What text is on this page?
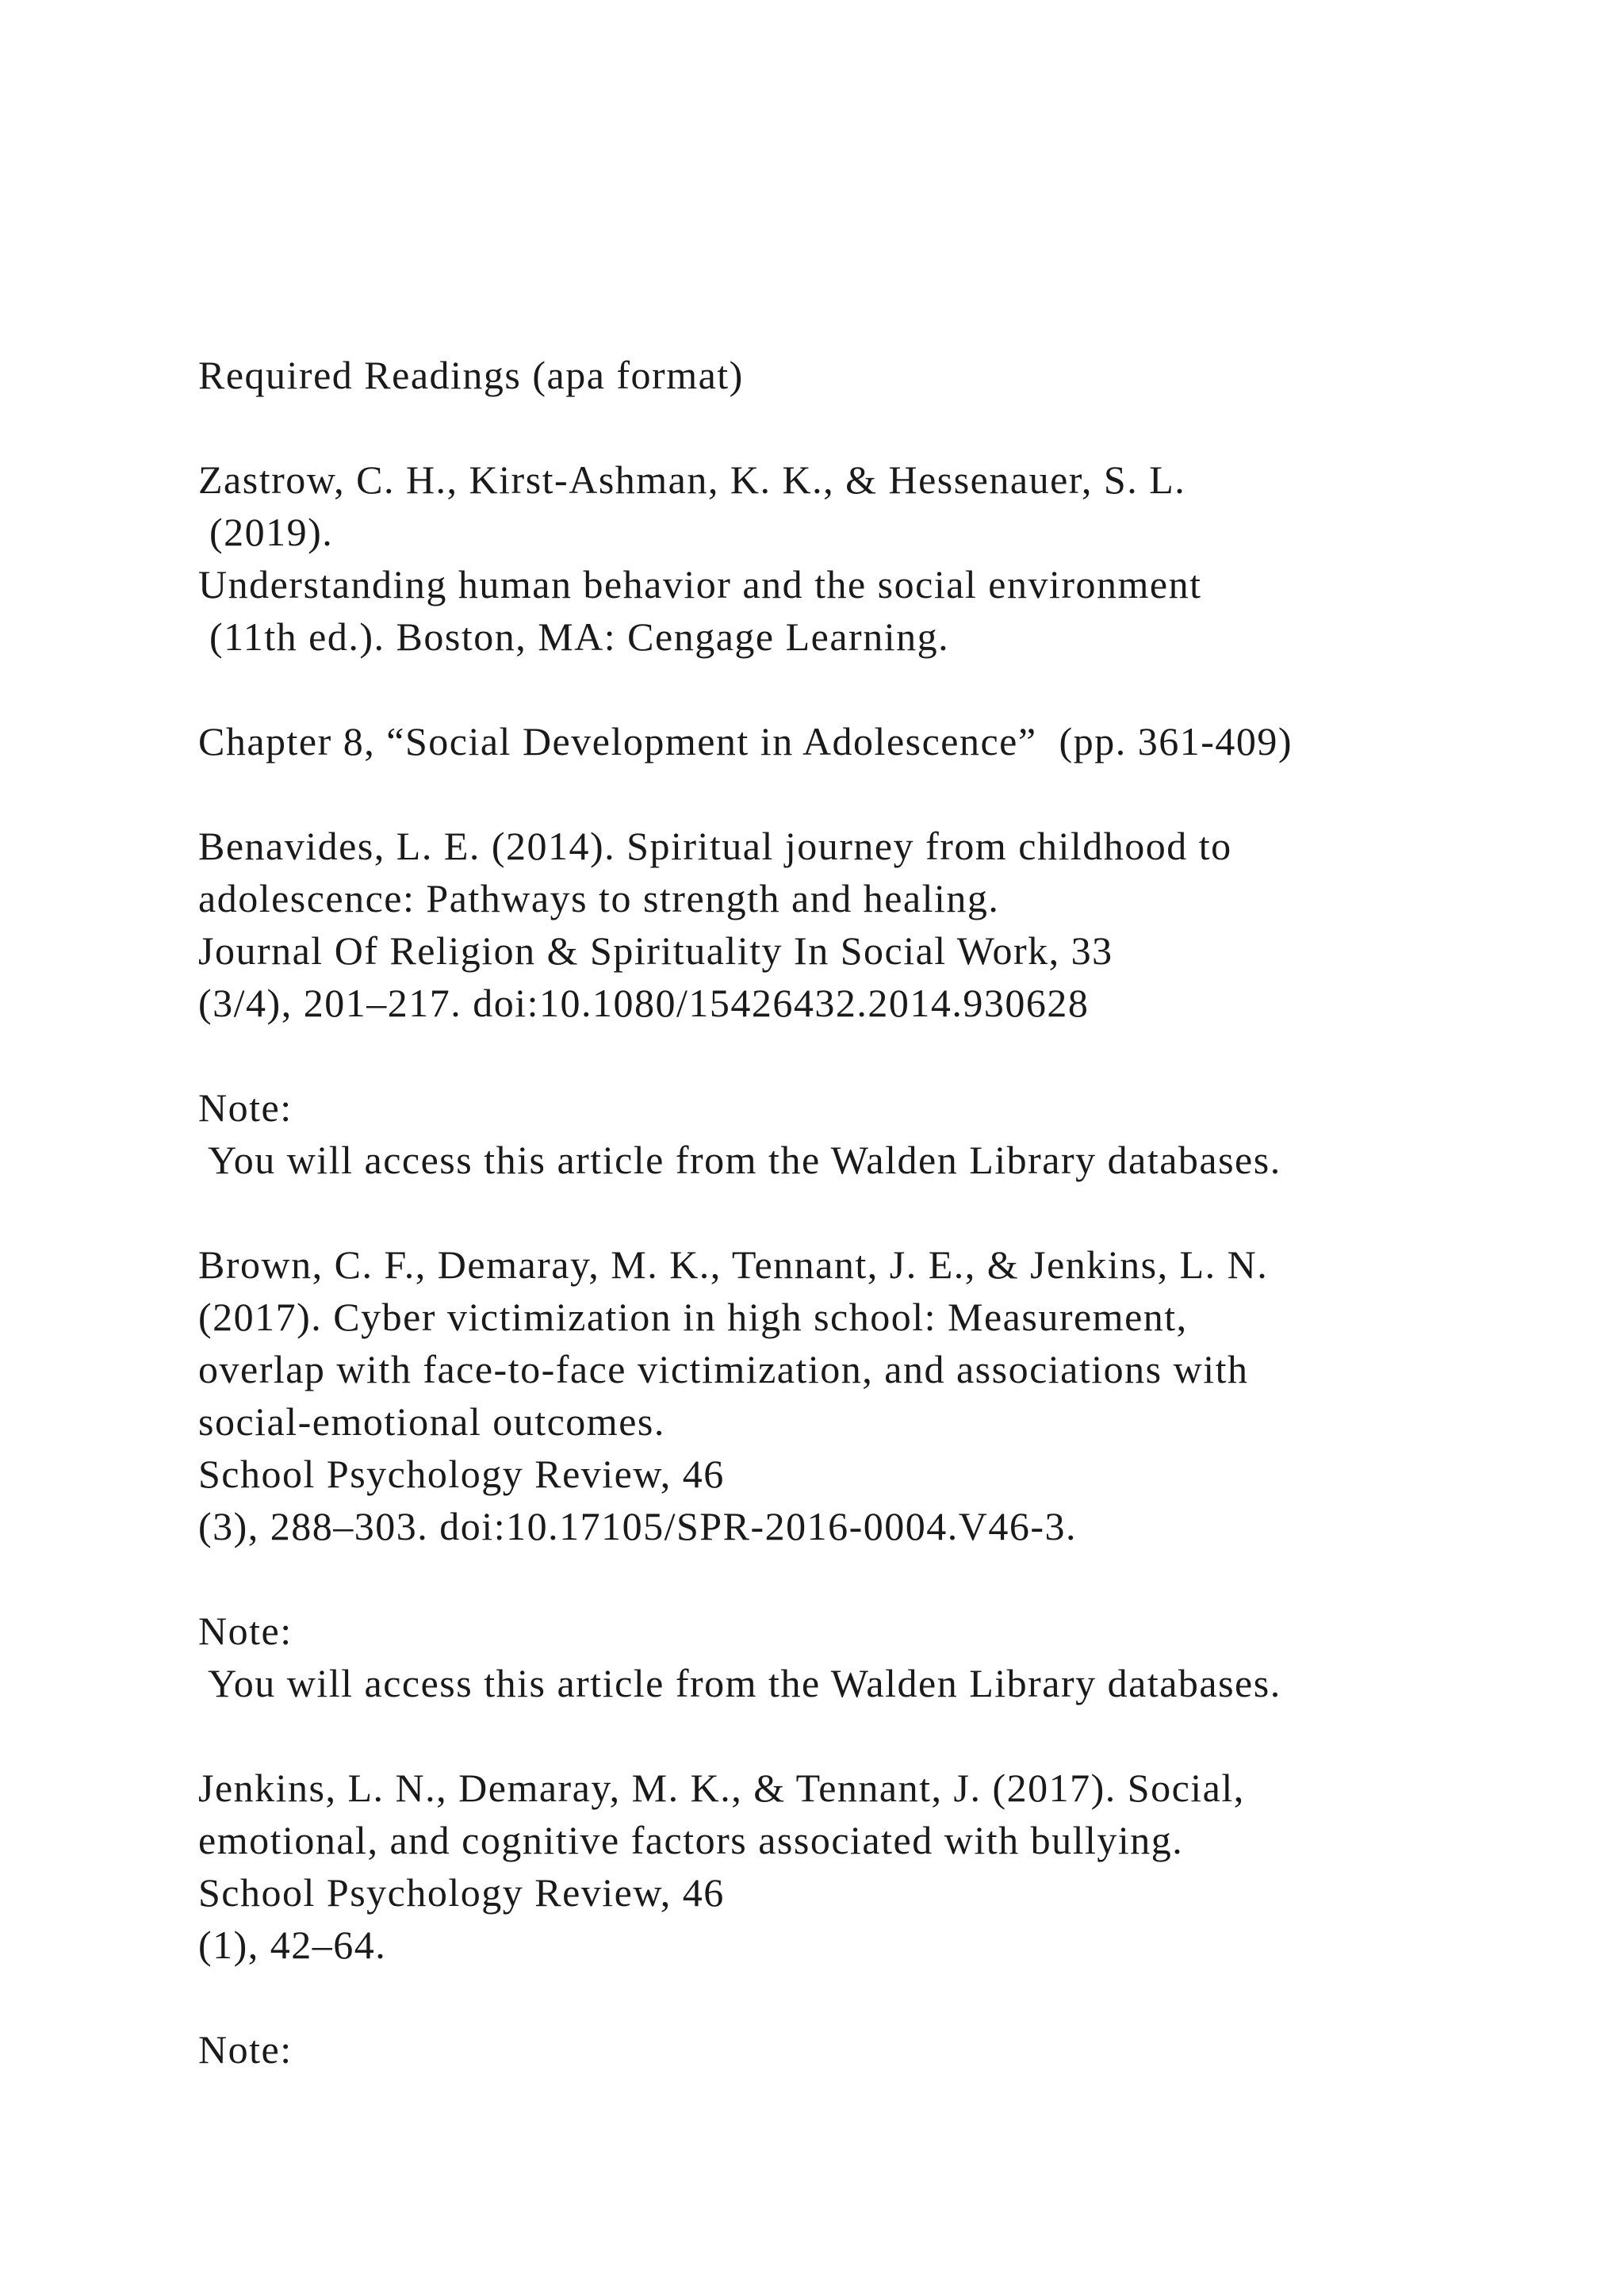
Required Readings (apa format)
Zastrow, C. H., Kirst-Ashman, K. K., & Hessenauer, S. L.
(2019).
Understanding human behavior and the social environment
(11th ed.). Boston, MA: Cengage Learning.
Chapter 8, “Social Development in Adolescence”  (pp. 361-409)
Benavides, L. E. (2014). Spiritual journey from childhood to
adolescence: Pathways to strength and healing.
Journal Of Religion & Spirituality In Social Work, 33
(3/4), 201–217. doi:10.1080/15426432.2014.930628
Note:
You will access this article from the Walden Library databases.
Brown, C. F., Demaray, M. K., Tennant, J. E., & Jenkins, L. N.
(2017). Cyber victimization in high school: Measurement,
overlap with face-to-face victimization, and associations with
social-emotional outcomes.
School Psychology Review, 46
(3), 288–303. doi:10.17105/SPR-2016-0004.V46-3.
Note:
You will access this article from the Walden Library databases.
Jenkins, L. N., Demaray, M. K., & Tennant, J. (2017). Social,
emotional, and cognitive factors associated with bullying.
School Psychology Review, 46
(1), 42–64.
Note:
